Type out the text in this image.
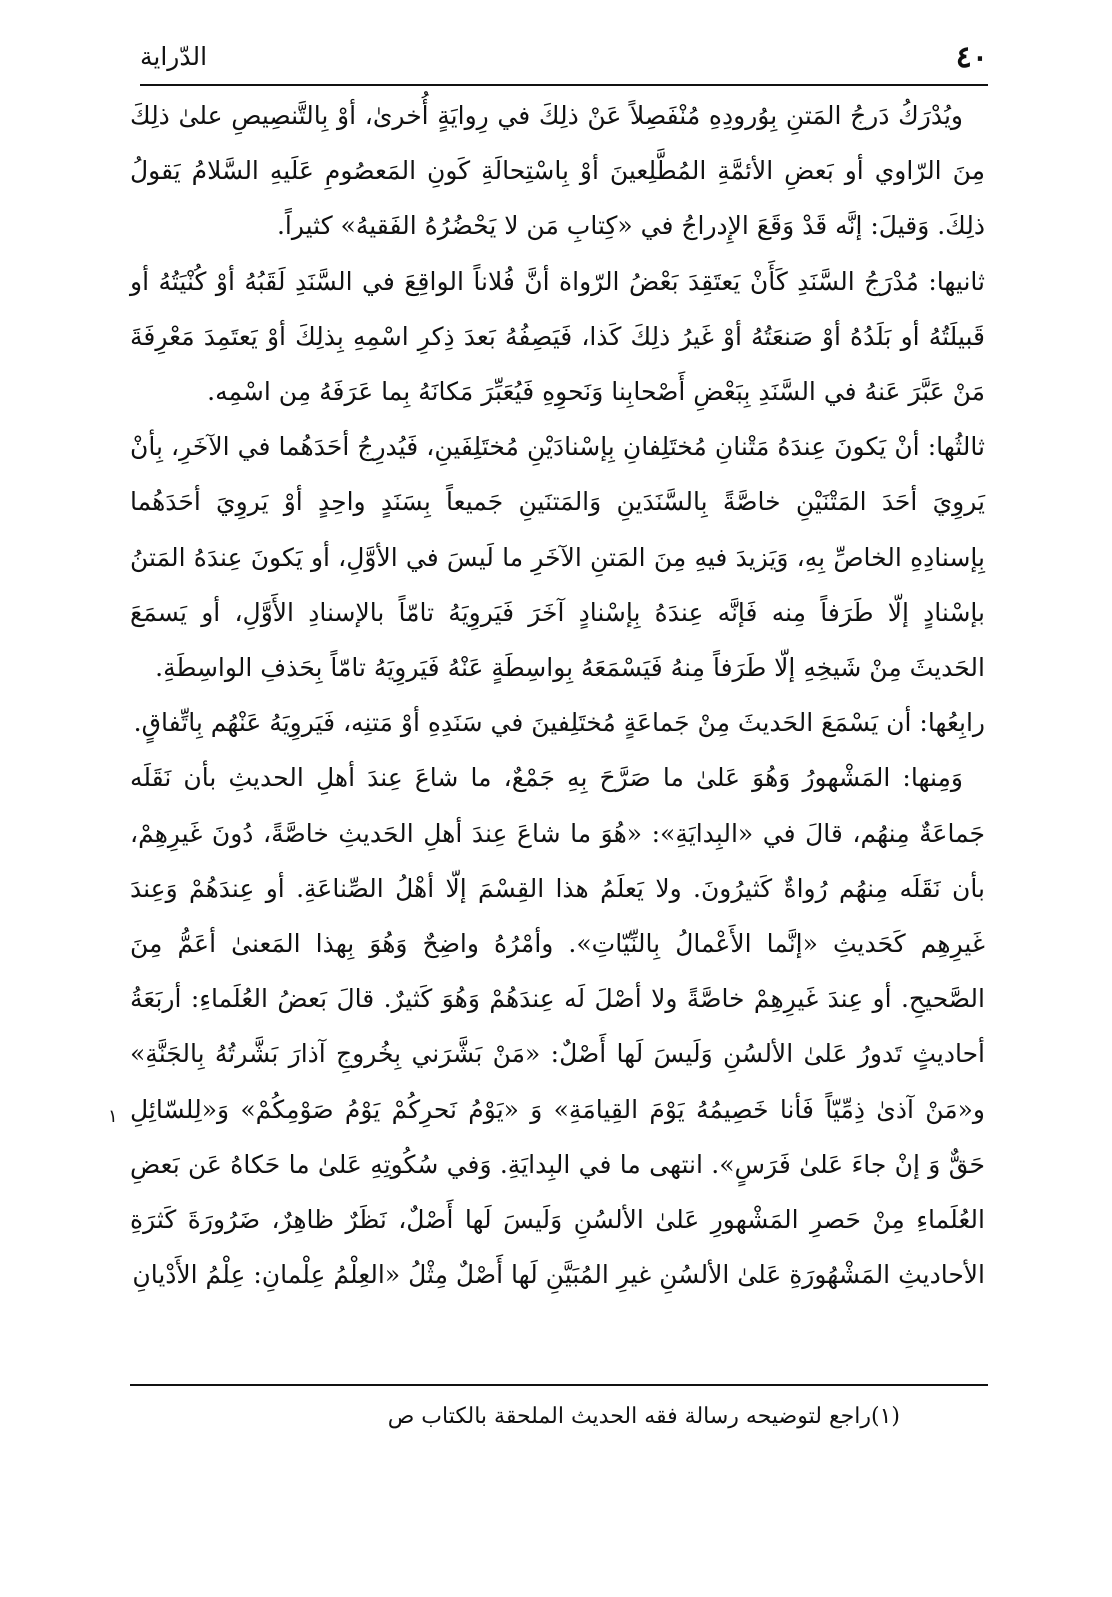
الدّراية	٤٠

ويُدْرَكُ دَرجُ المَتنِ بِوُرودِهِ مُنْفَصِلاً عَنْ ذلِكَ في رِوايَةٍ أُخرىٰ، أوْ بِالتَّنصِيصِ علىٰ ذلِكَ مِنَ الرّاوي أو بَعضِ الأئمَّةِ المُطَّلِعينَ أوْ بِاسْتِحالَةِ كَونِ المَعصُومِ عَلَيهِ السَّلامُ يَقولُ ذلِكَ. وَقيلَ: إنَّه قَدْ وَقَعَ الإِدراجُ في «كِتابِ مَن لا يَحْضُرُهُ الفَقيهُ» كثيراً.

ثانيها: مُدْرَجُ السَّنَدِ كَأَنْ يَعتَقِدَ بَعْضُ الرّواة أنَّ فُلاناً الواقِعَ في السَّنَدِ لَقَبُهُ أوْ كُنْيَتُهُ أو قَبيلَتُهُ أو بَلَدُهُ أوْ صَنعَتُهُ أوْ غَيرُ ذلِكَ كَذا، فَيَصِفُهُ بَعدَ ذِكرِ اسْمِهِ بِذلِكَ أوْ يَعتَمِدَ مَعْرِفَةَ مَنْ عَبَّرَ عَنهُ في السَّنَدِ بِبَعْضِ أَصْحابِنا وَنَحوِهِ فَيُعَبِّرَ مَكانَهُ بِما عَرَفَهُ مِن اسْمِه.

ثالثُها: أنْ يَكونَ عِندَهُ مَتْنانِ مُختَلِفانِ بِإسْنادَيْنِ مُختَلِفَينِ، فَيُدرِجُ أحَدَهُما في الآخَرِ، بِأنْ يَروِيَ أحَدَ المَتْنَيْنِ خاصَّةً بِالسَّنَدَينِ وَالمَتنَينِ جَميعاً بِسَنَدٍ واحِدٍ أوْ يَروِيَ أحَدَهُما بِإسنادِهِ الخاصِّ بِهِ، وَيَزيدَ فيهِ مِنَ المَتنِ الآخَرِ ما لَيسَ في الأوَّلِ، أو يَكونَ عِندَهُ المَتنُ بإسْنادٍ إلّا طَرَفاً مِنه فَإنَّه عِندَهُ بِإسْنادٍ آخَرَ فَيَروِيَهُ تامّاً بالإسنادِ الأَوَّلِ، أو يَسمَعَ الحَديثَ مِنْ شَيخِهِ إلّا طَرَفاً مِنهُ فَيَسْمَعَهُ بِواسِطَةٍ عَنْهُ فَيَروِيَهُ تامّاً بِحَذفِ الواسِطَةِ.

رابِعُها: أن يَسْمَعَ الحَديثَ مِنْ جَماعَةٍ مُختَلِفينَ في سَنَدِهِ أوْ مَتنِه، فَيَروِيَهُ عَنْهُم بِاتِّفاقٍ.

وَمِنها: المَشْهورُ وَهُوَ عَلىٰ ما صَرَّحَ بِهِ جَمْعٌ، ما شاعَ عِندَ أهلِ الحديثِ بأن نَقَلَه جَماعَةٌ مِنهُم، قالَ في «البِدايَةِ»: «هُوَ ما شاعَ عِندَ أهلِ الحَديثِ خاصَّةً، دُونَ غَيرِهِمْ، بأن نَقَلَه مِنهُم رُواةٌ كَثيرُونَ. ولا يَعلَمُ هذا القِسْمَ إلّا أهْلُ الصِّناعَةِ. أو عِندَهُمْ وَعِندَ غَيرِهِم كَحَديثِ «إنَّما الأَعْمالُ بِالنِّيّاتِ». وأمْرُهُ واضِحٌ وَهُوَ بِهذا المَعنىٰ أعَمُّ مِنَ الصَّحيحِ. أو عِندَ غَيرِهِمْ خاصَّةً ولا أصْلَ لَه عِندَهُمْ وَهُوَ كَثيرٌ. قالَ بَعضُ العُلَماءِ: أربَعَةُ أحاديثٍ تَدورُ عَلىٰ الألسُنِ وَلَيسَ لَها أَصْلٌ: «مَنْ بَشَّرَني بِخُروجِ آذارَ بَشَّرتُهُ بِالجَنَّةِ» و«مَنْ آذىٰ ذِمِّيّاً فَأنا خَصِيمُهُ يَوْمَ القِيامَةِ» وَ «يَوْمُ نَحرِكُمْ يَوْمُ صَوْمِكُمْ» وَ«لِلسّائِلِ حَقٌّ وَ إنْ جاءَ عَلىٰ فَرَسٍ». انتهى ما في البِدايَةِ. وَفي سُكُوتِهِ عَلىٰ ما حَكاهُ عَن بَعضِ العُلَماءِ مِنْ حَصرِ المَشْهورِ عَلىٰ الألسُنِ وَلَيسَ لَها أَصْلٌ، نَظَرٌ ظاهِرٌ، ضَرُورَةَ كَثرَةِ الأحاديثِ المَشْهُورَةِ عَلىٰ الألسُنِ غيرِ المُبَيَّنِ لَها أَصْلٌ مِثْلُ «العِلْمُ عِلْمانِ: عِلْمُ الأَدْيانِ

١
(١)راجع لتوضيحه رسالة فقه الحديث الملحقة بالكتاب ص
